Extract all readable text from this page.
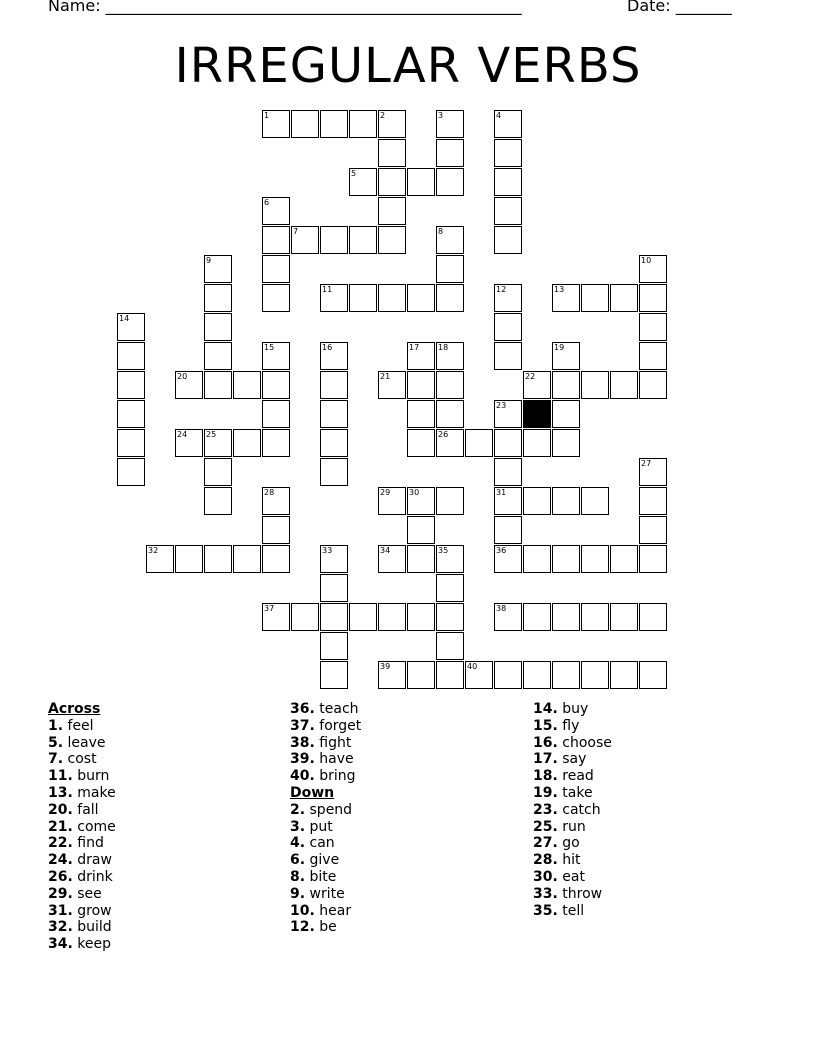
Name: ____________________________________________________	Date: _______
IRREGULAR VERBS
1	2	3	4
5
6
7	8
9	10
11	12	13
14
15	16	17 18	19
20	21	22
23
24 25	26
27
28	29 30	31
32	33	34	35	36
37	38
39	40
Across
1. feel
5. leave
7. cost
11. burn
13. make
20. fall
21. come
22. find
24. draw
26. drink
29. see
31. grow
32. build
34. keep
36. teach
37. forget
38. fight
39. have
40. bring
Down
2. spend
3. put
4. can
6. give
8. bite
9. write
10. hear
12. be
14. buy
15. fly
16. choose
17. say
18. read
19. take
23. catch
25. run
27. go
28. hit
30. eat
33. throw
35. tell
